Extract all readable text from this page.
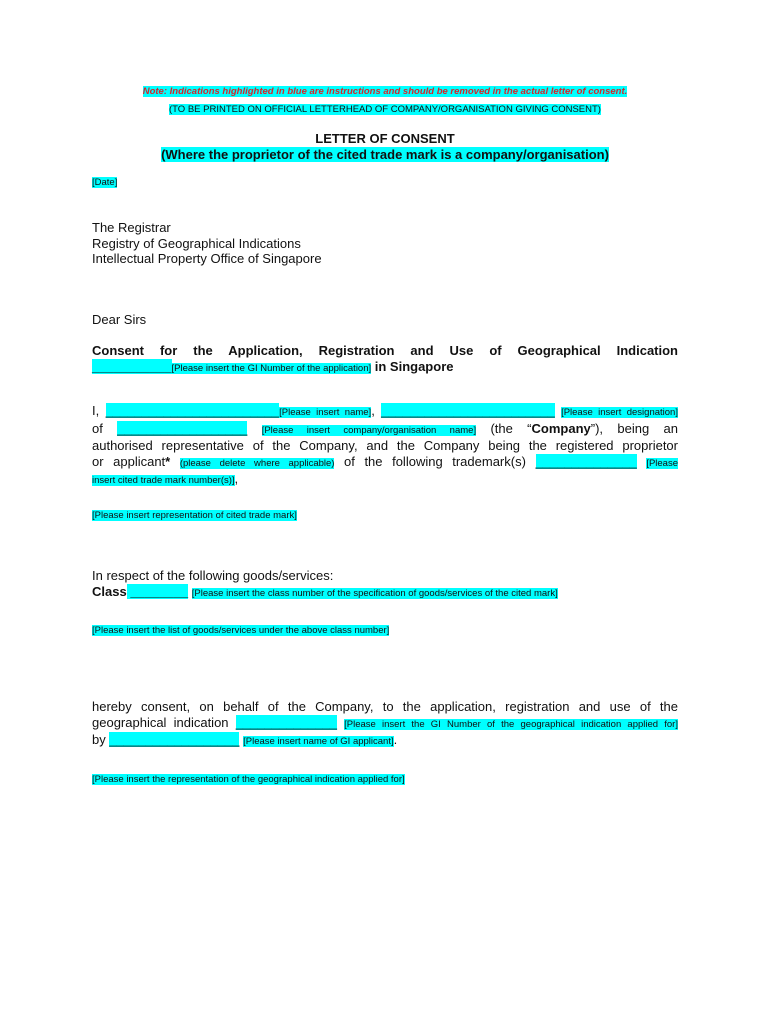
Note: Indications highlighted in blue are instructions and should be removed in the actual letter of consent.
(TO BE PRINTED ON OFFICIAL LETTERHEAD OF COMPANY/ORGANISATION GIVING CONSENT)
LETTER OF CONSENT
(Where the proprietor of the cited trade mark is a company/organisation)
[Date]
The Registrar
Registry of Geographical Indications
Intellectual Property Office of Singapore
Dear Sirs
Consent for the Application, Registration and Use of Geographical Indication
___________[Please insert the GI Number of the application] in Singapore
I, ________________________[Please insert name], ________________________ [Please insert designation]
of __________________ [Please insert company/organisation name] (the “Company”), being an
authorised representative of the Company, and the Company being the registered proprietor
or applicant* (please delete where applicable) of the following trademark(s) ______________ [Please
insert cited trade mark number(s)],
[Please insert representation of cited trade mark]
In respect of the following goods/services:
Class ________ [Please insert the class number of the specification of goods/services of the cited mark]
[Please insert the list of goods/services under the above class number]
hereby consent, on behalf of the Company, to the application, registration and use of the
geographical indication ______________ [Please insert the GI Number of the geographical indication applied for]
by __________________ [Please insert name of GI applicant].
[Please insert the representation of the geographical indication applied for]
